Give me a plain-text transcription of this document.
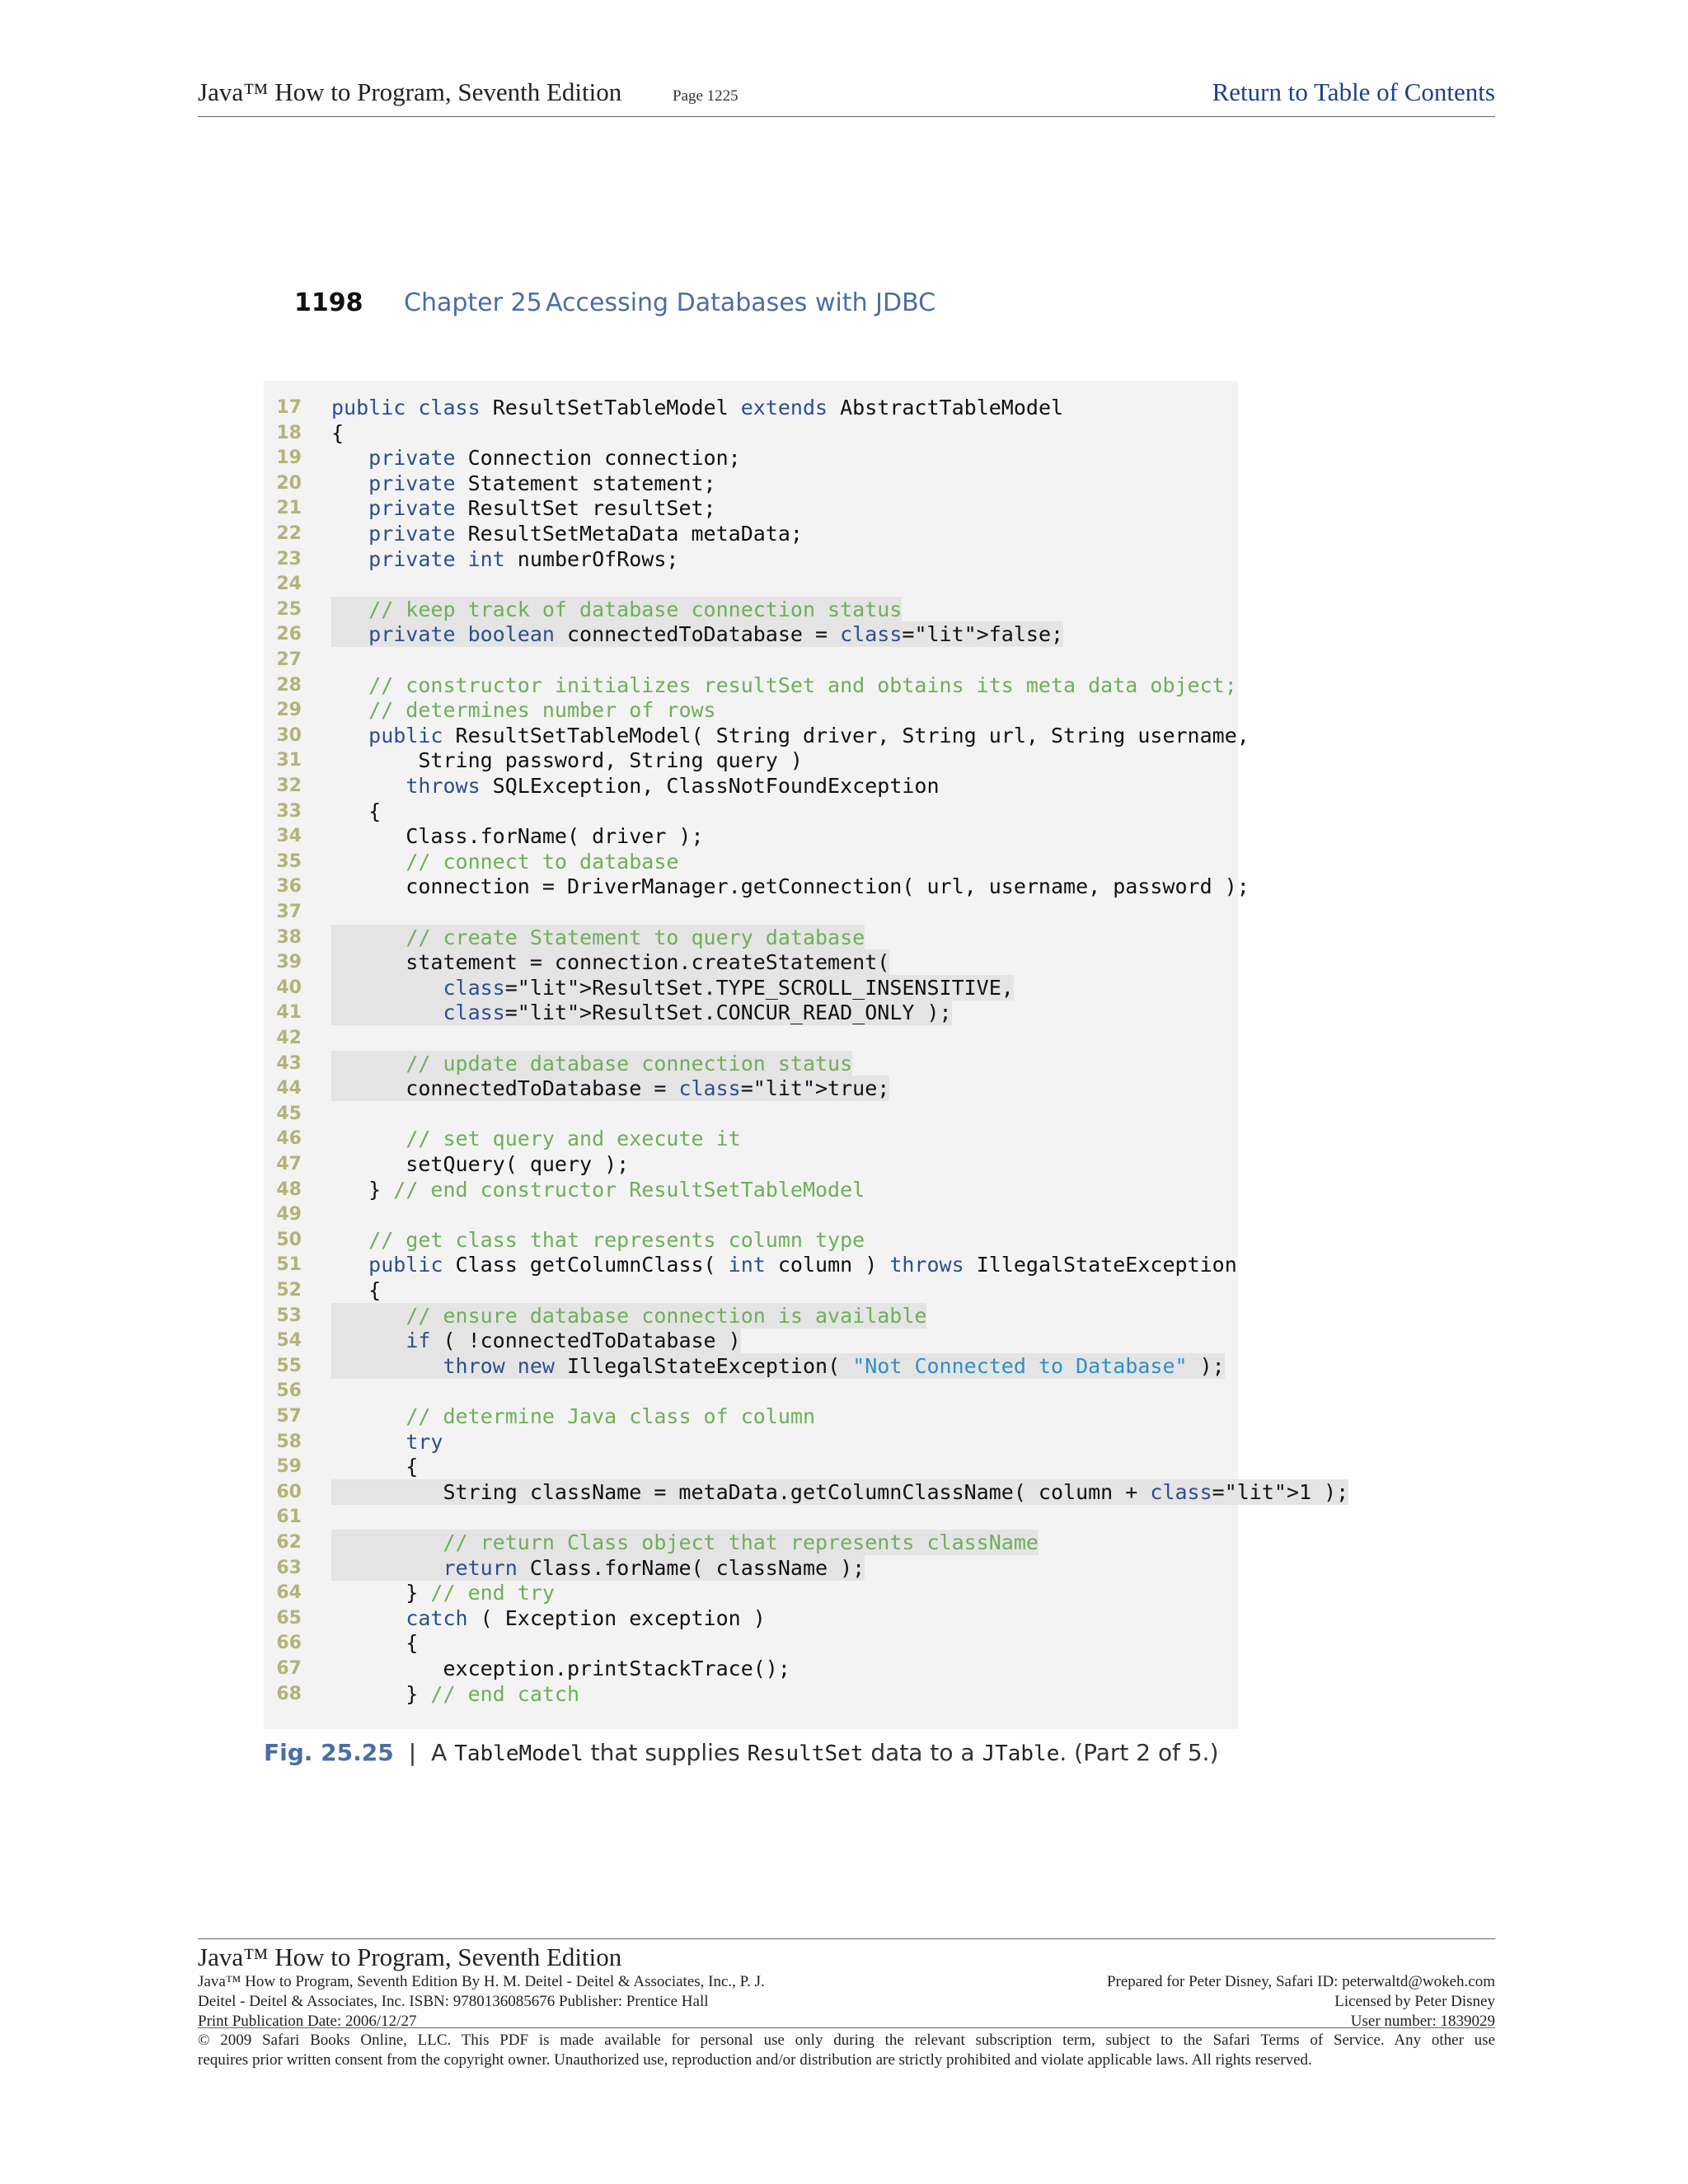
Java™ How to Program, Seventh Edition	Page 1225	Return to Table of Contents
1198 Chapter 25 Accessing Databases with JDBC
17 public class ResultSetTableModel extends AbstractTableModel
18 {
19	private Connection connection;
20	private Statement statement;
21	private ResultSet resultSet;
22	private ResultSetMetaData metaData;
23	private int numberOfRows;
24
25	// keep track of database connection status
26	private boolean connectedToDatabase = class="lit">false;
27
28	// constructor initializes resultSet and obtains its meta data object;
29	// determines number of rows
30	public ResultSetTableModel( String driver, String url, String username,
31 String password, String query )
32	throws SQLException, ClassNotFoundException
33 {
34 Class.forName( driver );
35	// connect to database
36 connection = DriverManager.getConnection( url, username, password );
37
38	// create Statement to query database
39 statement = connection.createStatement(
40	class="lit">ResultSet.TYPE_SCROLL_INSENSITIVE,
41	class="lit">ResultSet.CONCUR_READ_ONLY );
42
43	// update database connection status
44 connectedToDatabase = class="lit">true;
45
46	// set query and execute it
47 setQuery( query );
48 } // end constructor ResultSetTableModel
49
50	// get class that represents column type
51	public Class getColumnClass( int column ) throws IllegalStateException
52 {
53	// ensure database connection is available
54	if ( !connectedToDatabase )
55	throw new IllegalStateException( "Not Connected to Database" );
56
57	// determine Java class of column
58	try
59 {
60 String className = metaData.getColumnClassName( column + class="lit">1 );
61
62	// return Class object that represents className
63	return Class.forName( className );
64 } // end try
65	catch ( Exception exception )
66 {
67 exception.printStackTrace();
68 } // end catch
Fig. 25.25 | A TableModel that supplies ResultSet data to a JTable. (Part 2 of 5.)
Java™ How to Program, Seventh Edition
Java™ How to Program, Seventh Edition By H. M. Deitel - Deitel & Associates, Inc., P. J.
Deitel - Deitel & Associates, Inc. ISBN: 9780136085676 Publisher: Prentice Hall
Print Publication Date: 2006/12/27
Prepared for Peter Disney, Safari ID: peterwaltd@wokeh.com
Licensed by Peter Disney
User number: 1839029
© 2009 Safari Books Online, LLC. This PDF is made available for personal use only during the relevant subscription term, subject to the Safari Terms of Service. Any other use
requires prior written consent from the copyright owner. Unauthorized use, reproduction and/or distribution are strictly prohibited and violate applicable laws. All rights reserved.
